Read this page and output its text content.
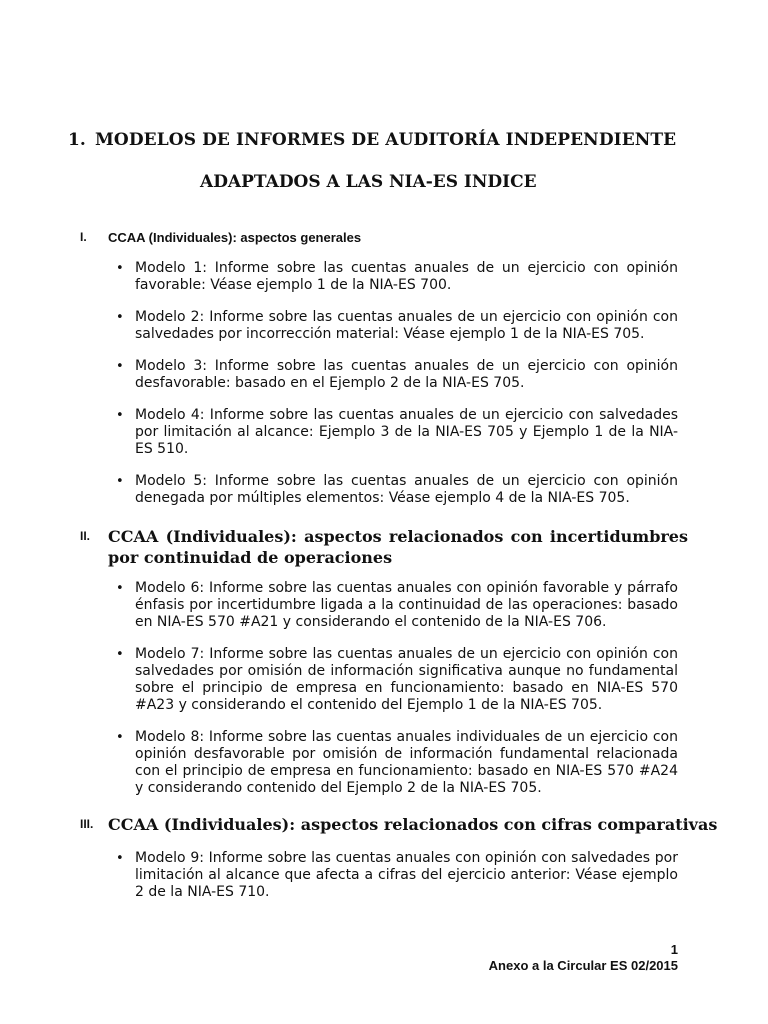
1. MODELOS DE INFORMES DE AUDITORÍA INDEPENDIENTE
ADAPTADOS A LAS NIA-ES INDICE
I. CCAA (Individuales): aspectos generales
• Modelo 1: Informe sobre las cuentas anuales de un ejercicio con opinión favorable: Véase ejemplo 1 de la NIA-ES 700.
• Modelo 2: Informe sobre las cuentas anuales de un ejercicio con opinión con salvedades por incorrección material: Véase ejemplo 1 de la NIA-ES 705.
• Modelo 3: Informe sobre las cuentas anuales de un ejercicio con opinión desfavorable: basado en el Ejemplo 2 de la NIA-ES 705.
• Modelo 4: Informe sobre las cuentas anuales de un ejercicio con salvedades por limitación al alcance: Ejemplo 3 de la NIA-ES 705 y Ejemplo 1 de la NIA-ES 510.
• Modelo 5: Informe sobre las cuentas anuales de un ejercicio con opinión denegada por múltiples elementos: Véase ejemplo 4 de la NIA-ES 705.
II. CCAA (Individuales): aspectos relacionados con incertidumbres por continuidad de operaciones
• Modelo 6: Informe sobre las cuentas anuales con opinión favorable y párrafo énfasis por incertidumbre ligada a la continuidad de las operaciones: basado en NIA-ES 570 #A21 y considerando el contenido de la NIA-ES 706.
• Modelo 7: Informe sobre las cuentas anuales de un ejercicio con opinión con salvedades por omisión de información significativa aunque no fundamental sobre el principio de empresa en funcionamiento: basado en NIA-ES 570 #A23 y considerando el contenido del Ejemplo 1 de la NIA-ES 705.
• Modelo 8: Informe sobre las cuentas anuales individuales de un ejercicio con opinión desfavorable por omisión de información fundamental relacionada con el principio de empresa en funcionamiento: basado en NIA-ES 570 #A24 y considerando contenido del Ejemplo 2 de la NIA-ES 705.
III. CCAA (Individuales): aspectos relacionados con cifras comparativas
• Modelo 9: Informe sobre las cuentas anuales con opinión con salvedades por limitación al alcance que afecta a cifras del ejercicio anterior: Véase ejemplo 2 de la NIA-ES 710.
1
Anexo a la Circular ES 02/2015
